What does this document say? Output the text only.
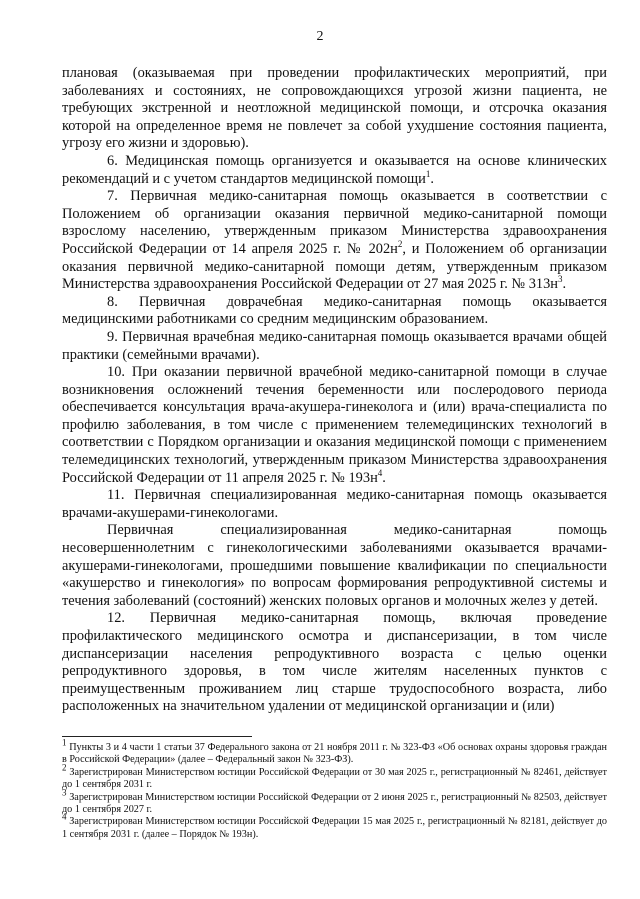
2

плановая (оказываемая при проведении профилактических мероприятий, при заболеваниях и состояниях, не сопровождающихся угрозой жизни пациента, не требующих экстренной и неотложной медицинской помощи, и отсрочка оказания которой на определенное время не повлечет за собой ухудшение состояния пациента, угрозу его жизни и здоровью).

6. Медицинская помощь организуется и оказывается на основе клинических рекомендаций и с учетом стандартов медицинской помощи$^1$.

7. Первичная медико-санитарная помощь оказывается в соответствии с Положением об организации оказания первичной медико-санитарной помощи взрослому населению, утвержденным приказом Министерства здравоохранения Российской Федерации от 14 апреля 2025 г. № $202н^2$, и Положением об организации оказания первичной медико-санитарной помощи детям, утвержденным приказом Министерства здравоохранения Российской Федерации от 27 мая 2025 г. № $313н^3$.

8. Первичная доврачебная медико-санитарная помощь оказывается медицинскими работниками со средним медицинским образованием.

9. Первичная врачебная медико-санитарная помощь оказывается врачами общей практики (семейными врачами).

10. При оказании первичной врачебной медико-санитарной помощи в случае возникновения осложнений течения беременности или послеродового периода обеспечивается консультация врача-акушера-гинеколога и (или) врача-специалиста по профилю заболевания, в том числе с применением телемедицинских технологий в соответствии с Порядком организации и оказания медицинской помощи с применением телемедицинских технологий, утвержденным приказом Министерства здравоохранения Российской Федерации от 11 апреля 2025 г. № $193н^4$.

11. Первичная специализированная медико-санитарная помощь оказывается врачами-акушерами-гинекологами.

Первичная специализированная медико-санитарная помощь несовершеннолетним с гинекологическими заболеваниями оказывается врачами-акушерами-гинекологами, прошедшими повышение квалификации по специальности «акушерство и гинекология» по вопросам формирования репродуктивной системы и течения заболеваний (состояний) женских половых органов и молочных желез у детей.

12. Первичная медико-санитарная помощь, включая проведение профилактического медицинского осмотра и диспансеризации, в том числе диспансеризации населения репродуктивного возраста с целью оценки репродуктивного здоровья, в том числе жителям населенных пунктов с преимущественным проживанием лиц старше трудоспособного возраста, либо расположенных на значительном удалении от медицинской организации и (или)

$^1$ Пункты 3 и 4 части 1 статьи 37 Федерального закона от 21 ноября 2011 г. № 323-ФЗ «Об основах охраны здоровья граждан в Российской Федерации» (далее – Федеральный закон № 323-ФЗ).

$^2$ Зарегистрирован Министерством юстиции Российской Федерации от 30 мая 2025 г., регистрационный № 82461, действует до 1 сентября 2031 г.

$^3$ Зарегистрирован Министерством юстиции Российской Федерации от 2 июня 2025 г., регистрационный № 82503, действует до 1 сентября 2027 г.

$^4$ Зарегистрирован Министерством юстиции Российской Федерации 15 мая 2025 г., регистрационный № 82181, действует до 1 сентября 2031 г. (далее – Порядок № 193н).
